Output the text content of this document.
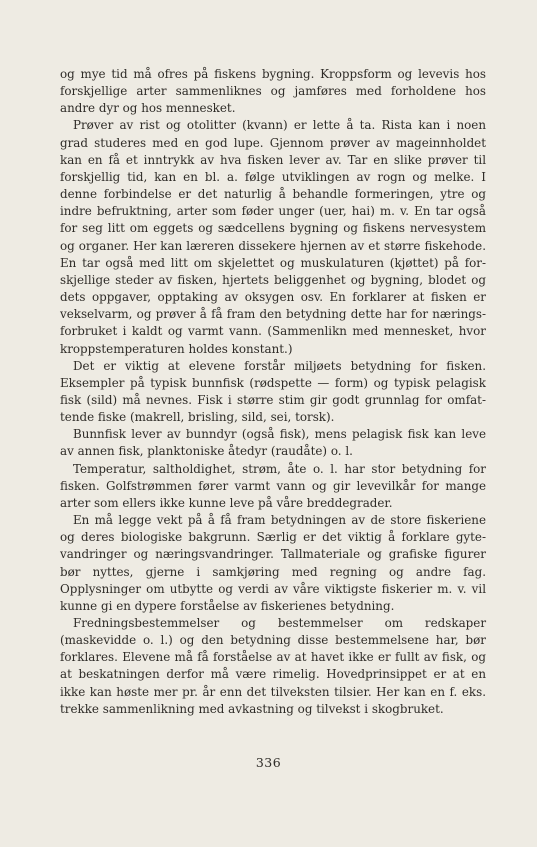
og mye tid må ofres på fiskens bygning. Kroppsform og levevis hos forskjellige arter sammenliknes og jamføres med forholdene hos andre dyr og hos mennesket.

Prøver av rist og otolitter (kvann) er lette å ta. Rista kan i noen grad studeres med en god lupe. Gjennom prøver av mageinnholdet kan en få et inntrykk av hva fisken lever av. Tar en slike prøver til forskjellig tid, kan en bl. a. følge utviklingen av rogn og melke. I denne forbindelse er det naturlig å behandle formeringen, ytre og indre befruktning, arter som føder unger (uer, hai) m. v. En tar også for seg litt om eggets og sædcellens bygning og fiskens nervesystem og organer. Her kan læreren dissekere hjernen av et større fiskehode. En tar også med litt om skjelettet og muskulaturen (kjøttet) på forskjellige steder av fisken, hjertets beliggenhet og bygning, blodet og dets oppgaver, opptaking av oksygen osv. En forklarer at fisken er vekselvarm, og prøver å få fram den betydning dette har for næringsforbruket i kaldt og varmt vann. (Sammenlikn med mennesket, hvor kroppstemperaturen holdes konstant.)

Det er viktig at elevene forstår miljøets betydning for fisken. Eksempler på typisk bunnfisk (rødspette — form) og typisk pelagisk fisk (sild) må nevnes. Fisk i større stim gir godt grunnlag for omfattende fiske (makrell, brisling, sild, sei, torsk).

Bunnfisk lever av bunndyr (også fisk), mens pelagisk fisk kan leve av annen fisk, planktoniske åtedyr (raudåte) o. l.

Temperatur, saltholdighet, strøm, åte o. l. har stor betydning for fisken. Golfstrømmen fører varmt vann og gir levevilkår for mange arter som ellers ikke kunne leve på våre breddegrader.

En må legge vekt på å få fram betydningen av de store fiskeriene og deres biologiske bakgrunn. Særlig er det viktig å forklare gytevandringer og næringsvandringer. Tallmateriale og grafiske figurer bør nyttes, gjerne i samkjøring med regning og andre fag. Opplysninger om utbytte og verdi av våre viktigste fiskerier m. v. vil kunne gi en dypere forståelse av fiskerienes betydning.

Fredningsbestemmelser og bestemmelser om redskaper (maskevidde o. l.) og den betydning disse bestemmelsene har, bør forklares. Elevene må få forståelse av at havet ikke er fullt av fisk, og at beskatningen derfor må være rimelig. Hovedprinsippet er at en ikke kan høste mer pr. år enn det tilveksten tilsier. Her kan en f. eks. trekke sammenlikning med avkastning og tilvekst i skogbruket.

336
